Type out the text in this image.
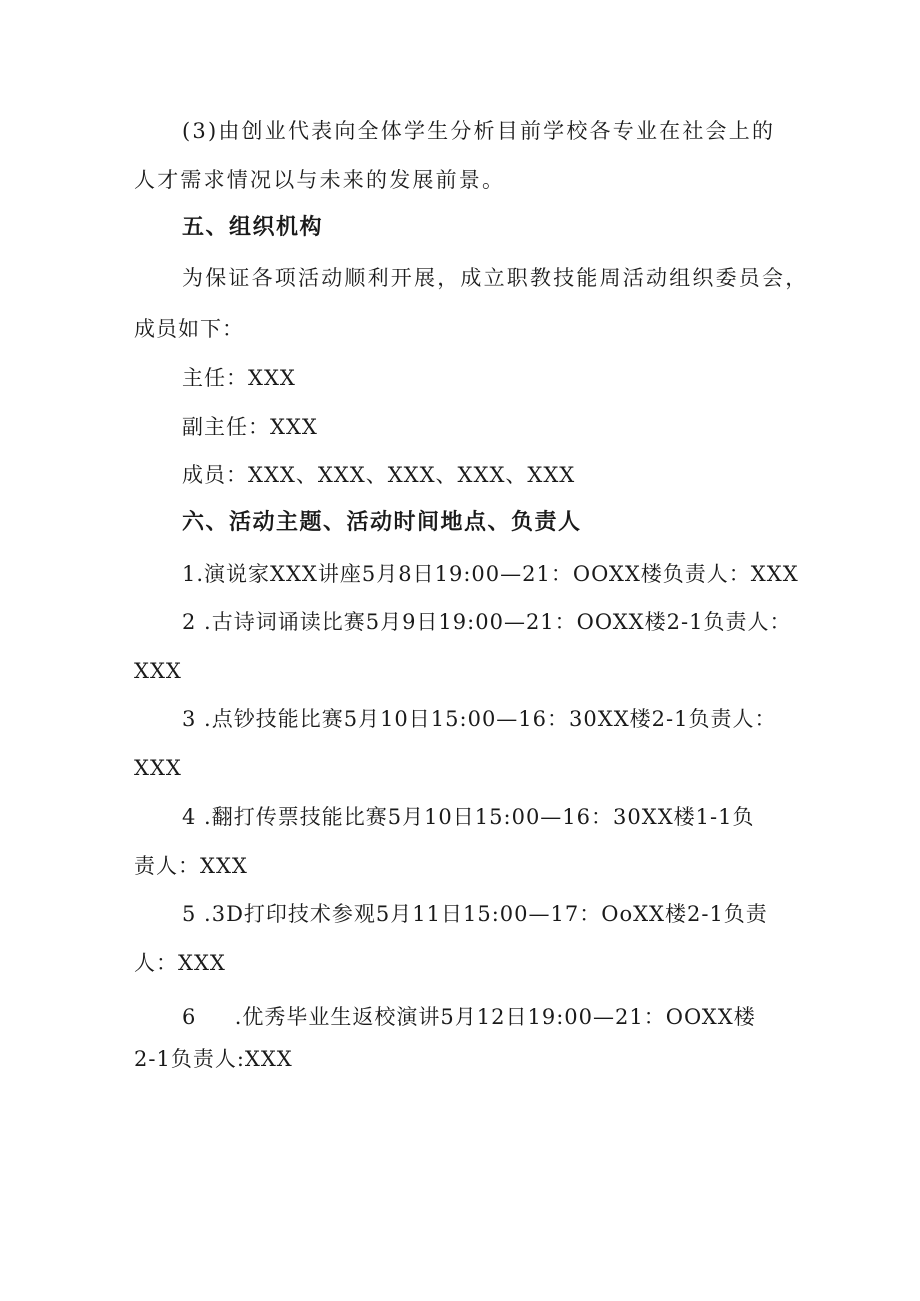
(3)由创业代表向全体学生分析目前学校各专业在社会上的
人才需求情况以与未来的发展前景。
五、组织机构
为保证各项活动顺利开展，成立职教技能周活动组织委员会，
成员如下：
主任：XXX
副主任：XXX
成员：XXX、XXX、XXX、XXX、XXX
六、活动主题、活动时间地点、负责人
1.演说家XXX讲座5月8日19:00—21：OOXX楼负责人：XXX
2 .古诗词诵读比赛5月9日19:00—21：OOXX楼2-1负责人：
XXX
3 .点钞技能比赛5月10日15:00—16：30XX楼2-1负责人：
XXX
4 .翻打传票技能比赛5月10日15:00—16：30XX楼1-1负
责人：XXX
5 .3D打印技术参观5月11日15:00—17：OoXX楼2-1负责
人：XXX
6     .优秀毕业生返校演讲5月12日19:00—21：OOXX楼
2-1负责人:XXX
